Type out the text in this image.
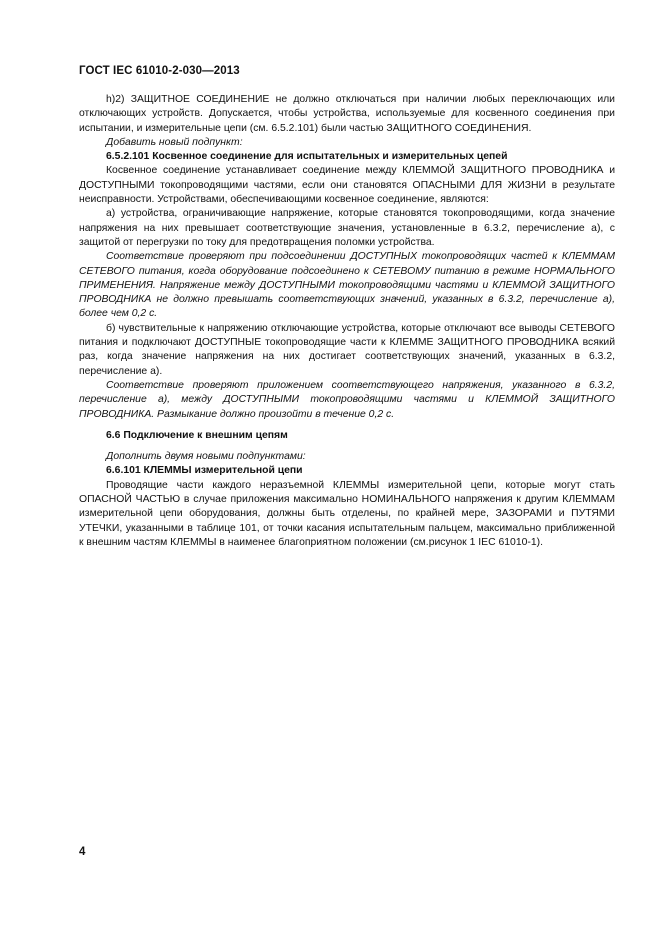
ГОСТ IEC 61010-2-030—2013

h)2) ЗАЩИТНОЕ СОЕДИНЕНИЕ не должно отключаться при наличии любых переключающих или отключающих устройств. Допускается, чтобы устройства, используемые для косвенного соединения при испытании, и измерительные цепи (см. 6.5.2.101) были частью ЗАЩИТНОГО СОЕДИНЕНИЯ.

Добавить новый подпункт:

6.5.2.101 Косвенное соединение для испытательных и измерительных цепей

Косвенное соединение устанавливает соединение между КЛЕММОЙ ЗАЩИТНОГО ПРОВОДНИКА и ДОСТУПНЫМИ токопроводящими частями, если они становятся ОПАСНЫМИ ДЛЯ ЖИЗНИ в результате неисправности. Устройствами, обеспечивающими косвенное соединение, являются:

а) устройства, ограничивающие напряжение, которые становятся токопроводящими, когда значение напряжения на них превышает соответствующие значения, установленные в 6.3.2, перечисление а), с защитой от перегрузки по току для предотвращения поломки устройства.

Соответствие проверяют при подсоединении ДОСТУПНЫХ токопроводящих частей к КЛЕММАМ СЕТЕВОГО питания, когда оборудование подсоединено к СЕТЕВОМУ питанию в режиме НОРМАЛЬНОГО ПРИМЕНЕНИЯ. Напряжение между ДОСТУПНЫМИ токопроводящими частями и КЛЕММОЙ ЗАЩИТНОГО ПРОВОДНИКА не должно превышать соответствующих значений, указанных в 6.3.2, перечисление а), более чем 0,2 с.

б) чувствительные к напряжению отключающие устройства, которые отключают все выводы СЕТЕВОГО питания и подключают ДОСТУПНЫЕ токопроводящие части к КЛЕММЕ ЗАЩИТНОГО ПРОВОДНИКА всякий раз, когда значение напряжения на них достигает соответствующих значений, указанных в 6.3.2, перечисление а).

Соответствие проверяют приложением соответствующего напряжения, указанного в 6.3.2, перечисление а), между ДОСТУПНЫМИ токопроводящими частями и КЛЕММОЙ ЗАЩИТНОГО ПРОВОДНИКА. Размыкание должно произойти в течение 0,2 с.

6.6 Подключение к внешним цепям

Дополнить двумя новыми подпунктами:

6.6.101 КЛЕММЫ измерительной цепи

Проводящие части каждого неразъемной КЛЕММЫ измерительной цепи, которые могут стать ОПАСНОЙ ЧАСТЬЮ в случае приложения максимально НОМИНАЛЬНОГО напряжения к другим КЛЕММАМ измерительной цепи оборудования, должны быть отделены, по крайней мере, ЗАЗОРАМИ и ПУТЯМИ УТЕЧКИ, указанными в таблице 101, от точки касания испытательным пальцем, максимально приближенной к внешним частям КЛЕММЫ в наименее благоприятном положении (см.рисунок 1 IEC 61010-1).

4
